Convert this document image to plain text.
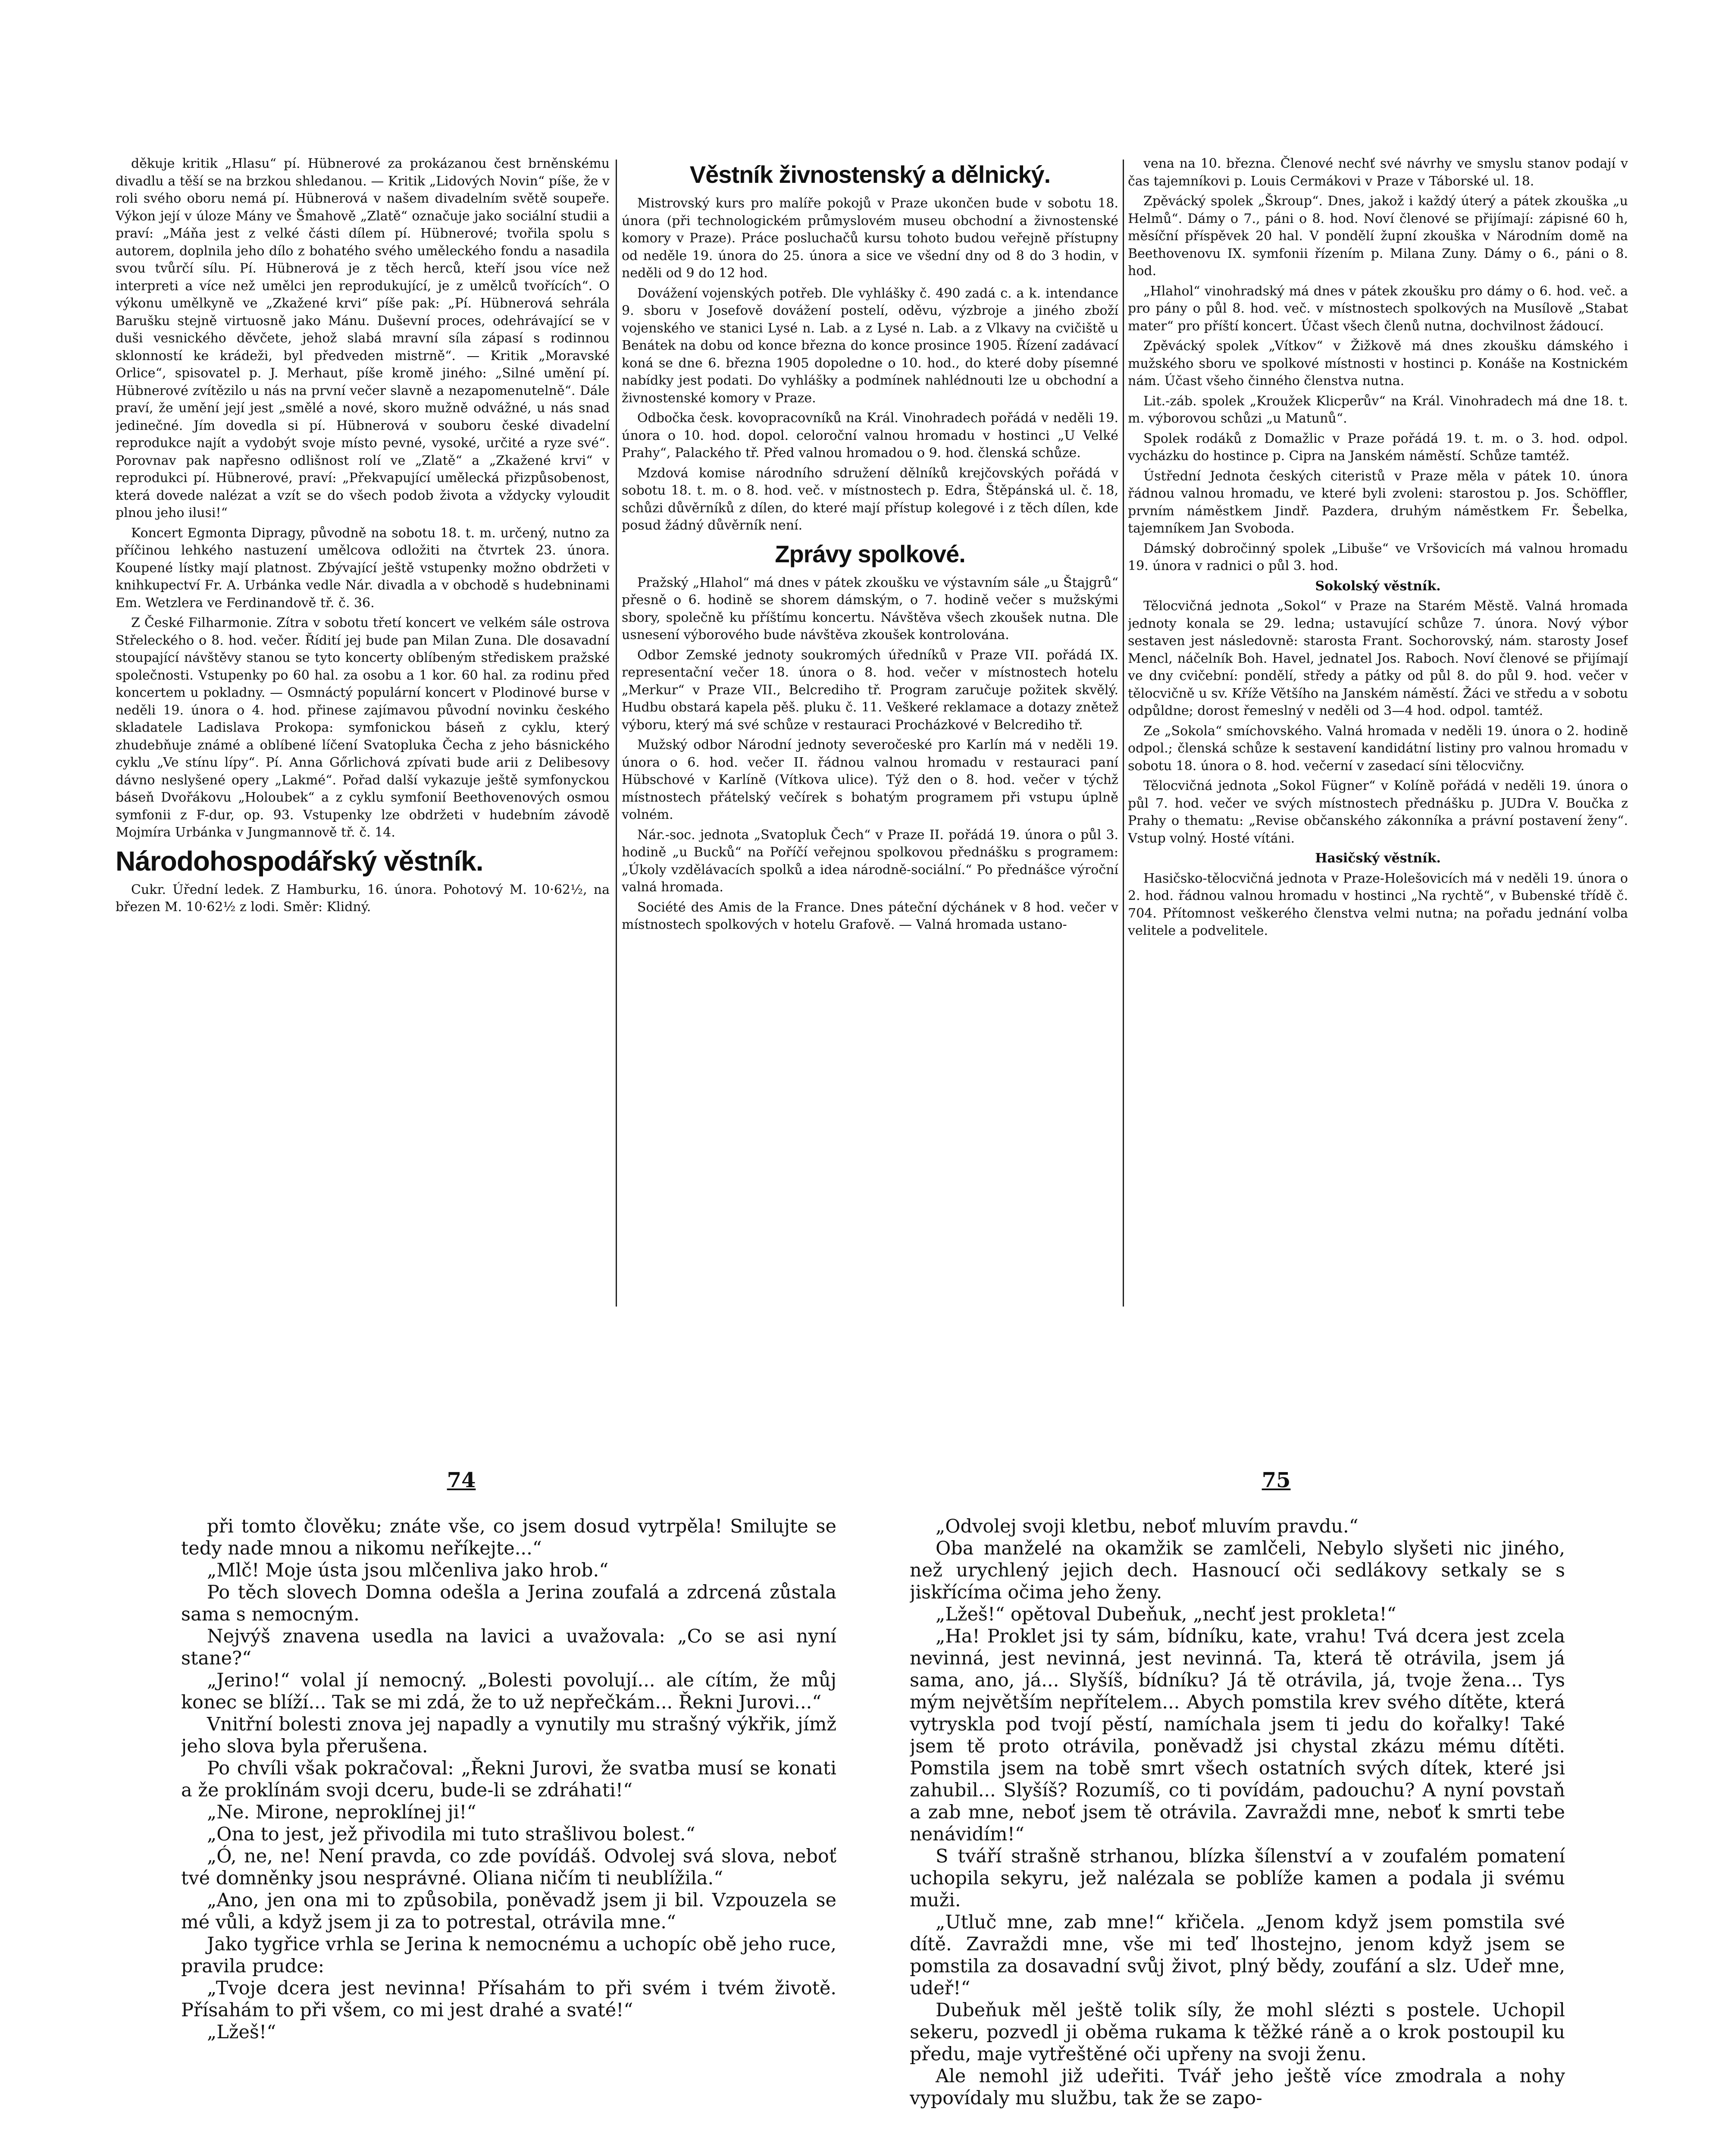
děkuje kritik „Hlasu“ pí. Hübnerové za prokázanou čest brněnskému divadlu a těší se na brzkou shledanou. — Kritik „Lidových Novin“ píše, že v roli svého oboru nemá pí. Hübnerová v našem divadelním světě soupeře. Výkon její v úloze Mány ve Šmahově „Zlatě“ označuje jako sociální studii a praví: „Máňa jest z velké části dílem pí. Hübnerové; tvořila spolu s autorem, doplnila jeho dílo z bohatého svého uměleckého fondu a nasadila svou tvůrčí sílu. Pí. Hübnerová je z těch herců, kteří jsou více než interpreti a více než umělci jen reprodukující, je z umělců tvořících“. O výkonu umělkyně ve „Zkažené krvi“ píše pak: „Pí. Hübnerová sehrála Barušku stejně virtuosně jako Mánu. Duševní proces, odehrávající se v duši vesnického děvčete, jehož slabá mravní síla zápasí s rodinnou sklonností ke krádeži, byl předveden mistrně“. — Kritik „Moravské Orlice“, spisovatel p. J. Merhaut, píše kromě jiného: „Silné umění pí. Hübnerové zvítězilo u nás na první večer slavně a nezapomenutelně“. Dále praví, že umění její jest „smělé a nové, skoro mužně odvážné, u nás snad jedinečné. Jím dovedla si pí. Hübnerová v souboru české divadelní reprodukce najít a vydobýt svoje místo pevné, vysoké, určité a ryze své“. Porovnav pak napřesno odlišnost rolí ve „Zlatě“ a „Zkažené krvi“ v reprodukci pí. Hübnerové, praví: „Překvapující umělecká přizpůsobenost, která dovede nalézat a vzít se do všech podob života a vždycky vyloudit plnou jeho ilusi!“

Koncert Egmonta Dipragy, původně na sobotu 18. t. m. určený, nutno za příčinou lehkého nastuzení umělcova odložiti na čtvrtek 23. února. Koupené lístky mají platnost. Zbývající ještě vstupenky možno obdržeti v knihkupectví Fr. A. Urbánka vedle Nár. divadla a v obchodě s hudebninami Em. Wetzlera ve Ferdinandově tř. č. 36.

Z České Filharmonie. Zítra v sobotu třetí koncert ve velkém sále ostrova Střeleckého o 8. hod. večer. Řídití jej bude pan Milan Zuna. Dle dosavadní stoupající návštěvy stanou se tyto koncerty oblíbeným střediskem pražské společnosti. Vstupenky po 60 hal. za osobu a 1 kor. 60 hal. za rodinu před koncertem u pokladny. — Osmnáctý populární koncert v Plodinové burse v neděli 19. února o 4. hod. přinese zajímavou původní novinku českého skladatele Ladislava Prokopa: symfonickou báseň z cyklu, který zhudebňuje známé a oblíbené líčení Svatopluka Čecha z jeho básnického cyklu „Ve stínu lípy“. Pí. Anna Gőrlichová zpívati bude arii z Delibesovy dávno neslyšené opery „Lakmé“. Pořad další vykazuje ještě symfonyckou báseň Dvořákovu „Holoubek“ a z cyklu symfonií Beethovenových osmou symfonii z F-dur, op. 93. Vstupenky lze obdržeti v hudebním závodě Mojmíra Urbánka v Jungmannově tř. č. 14.

Národohospodářský věstník.

Cukr. Úřední ledek. Z Hamburku, 16. února. Pohotový M. 10·62½, na březen M. 10·62½ z lodi. Směr: Klidný.

Věstník živnostenský a dělnický.

Mistrovský kurs pro malíře pokojů v Praze ukončen bude v sobotu 18. února (při technologickém průmyslovém museu obchodní a živnostenské komory v Praze). Práce posluchačů kursu tohoto budou veřejně přístupny od neděle 19. února do 25. února a sice ve všední dny od 8 do 3 hodin, v neděli od 9 do 12 hod.

Dovážení vojenských potřeb. Dle vyhlášky č. 490 zadá c. a k. intendance 9. sboru v Josefově dovážení postelí, oděvu, výzbroje a jiného zboží vojenského ve stanici Lysé n. Lab. a z Lysé n. Lab. a z Vlkavy na cvičiště u Benátek na dobu od konce března do konce prosince 1905. Řízení zadávací koná se dne 6. března 1905 dopoledne o 10. hod., do které doby písemné nabídky jest podati. Do vyhlášky a podmínek nahlédnouti lze u obchodní a živnostenské komory v Praze.

Odbočka česk. kovopracovníků na Král. Vinohradech pořádá v neděli 19. února o 10. hod. dopol. celoroční valnou hromadu v hostinci „U Velké Prahy“, Palackého tř. Před valnou hromadou o 9. hod. členská schůze.

Mzdová komise národního sdružení dělníků krejčovských pořádá v sobotu 18. t. m. o 8. hod. več. v místnostech p. Edra, Štěpánská ul. č. 18, schůzi důvěrníků z dílen, do které mají přístup kolegové i z těch dílen, kde posud žádný důvěrník není.

Zprávy spolkové.

Pražský „Hlahol“ má dnes v pátek zkoušku ve výstavním sále „u Štajgrů“ přesně o 6. hodině se shorem dámským, o 7. hodině večer s mužskými sbory, společně ku příštímu koncertu. Návštěva všech zkoušek nutna. Dle usnesení výborového bude návštěva zkoušek kontrolována.

Odbor Zemské jednoty soukromých úředníků v Praze VII. pořádá IX. representační večer 18. února o 8. hod. večer v místnostech hotelu „Merkur“ v Praze VII., Belcrediho tř. Program zaručuje požitek skvělý. Hudbu obstará kapela pěš. pluku č. 11. Veškeré reklamace a dotazy znětež výboru, který má své schůze v restauraci Procházkové v Belcrediho tř.

Mužský odbor Národní jednoty severočeské pro Karlín má v neděli 19. února o 6. hod. večer II. řádnou valnou hromadu v restauraci paní Hübschové v Karlíně (Vítkova ulice). Týž den o 8. hod. večer v týchž místnostech přátelský večírek s bohatým programem při vstupu úplně volném.

Nár.-soc. jednota „Svatopluk Čech“ v Praze II. pořádá 19. února o půl 3. hodině „u Bucků“ na Poříčí veřejnou spolkovou přednášku s programem: „Úkoly vzdělávacích spolků a idea národně-sociální.“ Po přednášce výroční valná hromada.

Société des Amis de la France. Dnes páteční dýchánek v 8 hod. večer v místnostech spolkových v hotelu Grafově. — Valná hromada ustano-

vena na 10. března. Členové nechť své návrhy ve smyslu stanov podají v čas tajemníkovi p. Louis Cermákovi v Praze v Táborské ul. 18.

Zpěvácký spolek „Škroup“. Dnes, jakož i každý úterý a pátek zkouška „u Helmů“. Dámy o 7., páni o 8. hod. Noví členové se přijímají: zápisné 60 h, měsíční příspěvek 20 hal. V pondělí župní zkouška v Národním domě na Beethovenovu IX. symfonii řízením p. Milana Zuny. Dámy o 6., páni o 8. hod.

„Hlahol“ vinohradský má dnes v pátek zkoušku pro dámy o 6. hod. več. a pro pány o půl 8. hod. več. v místnostech spolkových na Musílově „Stabat mater“ pro příští koncert. Účast všech členů nutna, dochvilnost žádoucí.

Zpěvácký spolek „Vítkov“ v Žižkově má dnes zkoušku dámského i mužského sboru ve spolkové místnosti v hostinci p. Konáše na Kostnickém nám. Účast všeho činného členstva nutna.

Lit.-záb. spolek „Kroužek Klicperův“ na Král. Vinohradech má dne 18. t. m. výborovou schůzi „u Matunů“.

Spolek rodáků z Domažlic v Praze pořádá 19. t. m. o 3. hod. odpol. vycházku do hostince p. Cipra na Janském náměstí. Schůze tamtéž.

Ústřední Jednota českých citeristů v Praze měla v pátek 10. února řádnou valnou hromadu, ve které byli zvoleni: starostou p. Jos. Schöffler, prvním náměstkem Jindř. Pazdera, druhým náměstkem Fr. Šebelka, tajemníkem Jan Svoboda.

Dámský dobročinný spolek „Libuše“ ve Vršovicích má valnou hromadu 19. února v radnici o půl 3. hod.

Sokolský věstník.

Tělocvičná jednota „Sokol“ v Praze na Starém Městě. Valná hromada jednoty konala se 29. ledna; ustavující schůze 7. února. Nový výbor sestaven jest následovně: starosta Frant. Sochorovský, nám. starosty Josef Mencl, náčelník Boh. Havel, jednatel Jos. Raboch. Noví členové se přijímají ve dny cvičební: pondělí, středy a pátky od půl 8. do půl 9. hod. večer v tělocvičně u sv. Kříže Většího na Janském náměstí. Žáci ve středu a v sobotu odpůldne; dorost řemeslný v neděli od 3—4 hod. odpol. tamtéž.

Ze „Sokola“ smíchovského. Valná hromada v neděli 19. února o 2. hodině odpol.; členská schůze k sestavení kandidátní listiny pro valnou hromadu v sobotu 18. února o 8. hod. večerní v zasedací síni tělocvičny.

Tělocvičná jednota „Sokol Fügner“ v Kolíně pořádá v neděli 19. února o půl 7. hod. večer ve svých místnostech přednášku p. JUDra V. Boučka z Prahy o thematu: „Revise občanského zákonníka a právní postavení ženy“. Vstup volný. Hosté vítáni.

Hasičský věstník.

Hasičsko-tělocvičná jednota v Praze-Holešovicích má v neděli 19. února o 2. hod. řádnou valnou hromadu v hostinci „Na rychtě“, v Bubenské třídě č. 704. Přítomnost veškerého členstva velmi nutna; na pořadu jednání volba velitele a podvelitele.

74	75

při tomto člověku; znáte vše, co jsem dosud vytrpěla! Smilujte se tedy nade mnou a nikomu neříkejte...“

„Mlč! Moje ústa jsou mlčenliva jako hrob.“

Po těch slovech Domna odešla a Jerina zoufalá a zdrcená zůstala sama s nemocným.

Nejvýš znavena usedla na lavici a uvažovala: „Co se asi nyní stane?“

„Jerino!“ volal jí nemocný. „Bolesti povolují... ale cítím, že můj konec se blíží... Tak se mi zdá, že to už nepřečkám... Řekni Jurovi...“

Vnitřní bolesti znova jej napadly a vynutily mu strašný výkřik, jímž jeho slova byla přerušena.

Po chvíli však pokračoval: „Řekni Jurovi, že svatba musí se konati a že proklínám svoji dceru, bude-li se zdráhati!“

„Ne. Mirone, neproklínej ji!“

„Ona to jest, jež přivodila mi tuto strašlivou bolest.“

„Ó, ne, ne! Není pravda, co zde povídáš. Odvolej svá slova, neboť tvé domněnky jsou nesprávné. Oliana ničím ti neublížila.“

„Ano, jen ona mi to způsobila, poněvadž jsem ji bil. Vzpouzela se mé vůli, a když jsem ji za to potrestal, otrávila mne.“

Jako tygřice vrhla se Jerina k nemocnému a uchopíc obě jeho ruce, pravila prudce:

„Tvoje dcera jest nevinna! Přísahám to při svém i tvém životě. Přísahám to při všem, co mi jest drahé a svaté!“

„Lžeš!“

„Odvolej svoji kletbu, neboť mluvím pravdu.“

Oba manželé na okamžik se zamlčeli, Nebylo slyšeti nic jiného, než urychlený jejich dech. Hasnoucí oči sedlákovy setkaly se s jiskřícíma očima jeho ženy.

„Lžeš!“ opětoval Dubeňuk, „nechť jest prokleta!“

„Ha! Proklet jsi ty sám, bídníku, kate, vrahu! Tvá dcera jest zcela nevinná, jest nevinná, jest nevinná. Ta, která tě otrávila, jsem já sama, ano, já... Slyšíš, bídníku? Já tě otrávila, já, tvoje žena... Tys mým největším nepřítelem... Abych pomstila krev svého dítěte, která vytryskla pod tvojí pěstí, namíchala jsem ti jedu do kořalky! Také jsem tě proto otrávila, poněvadž jsi chystal zkázu mému dítěti. Pomstila jsem na tobě smrt všech ostatních svých dítek, které jsi zahubil... Slyšíš? Rozumíš, co ti povídám, padouchu? A nyní povstaň a zab mne, neboť jsem tě otrávila. Zavraždi mne, neboť k smrti tebe nenávidím!“

S tváří strašně strhanou, blízka šílenství a v zoufalém pomatení uchopila sekyru, jež nalézala se poblíže kamen a podala ji svému muži.

„Utluč mne, zab mne!“ křičela. „Jenom když jsem pomstila své dítě. Zavraždi mne, vše mi teď lhostejno, jenom když jsem se pomstila za dosavadní svůj život, plný bědy, zoufání a slz. Udeř mne, udeř!“

Dubeňuk měl ještě tolik síly, že mohl slézti s postele. Uchopil sekeru, pozvedl ji oběma rukama k těžké ráně a o krok postoupil ku předu, maje vytřeštěné oči upřeny na svoji ženu.

Ale nemohl již udeřiti. Tvář jeho ještě více zmodrala a nohy vypovídaly mu službu, tak že se zapo-
